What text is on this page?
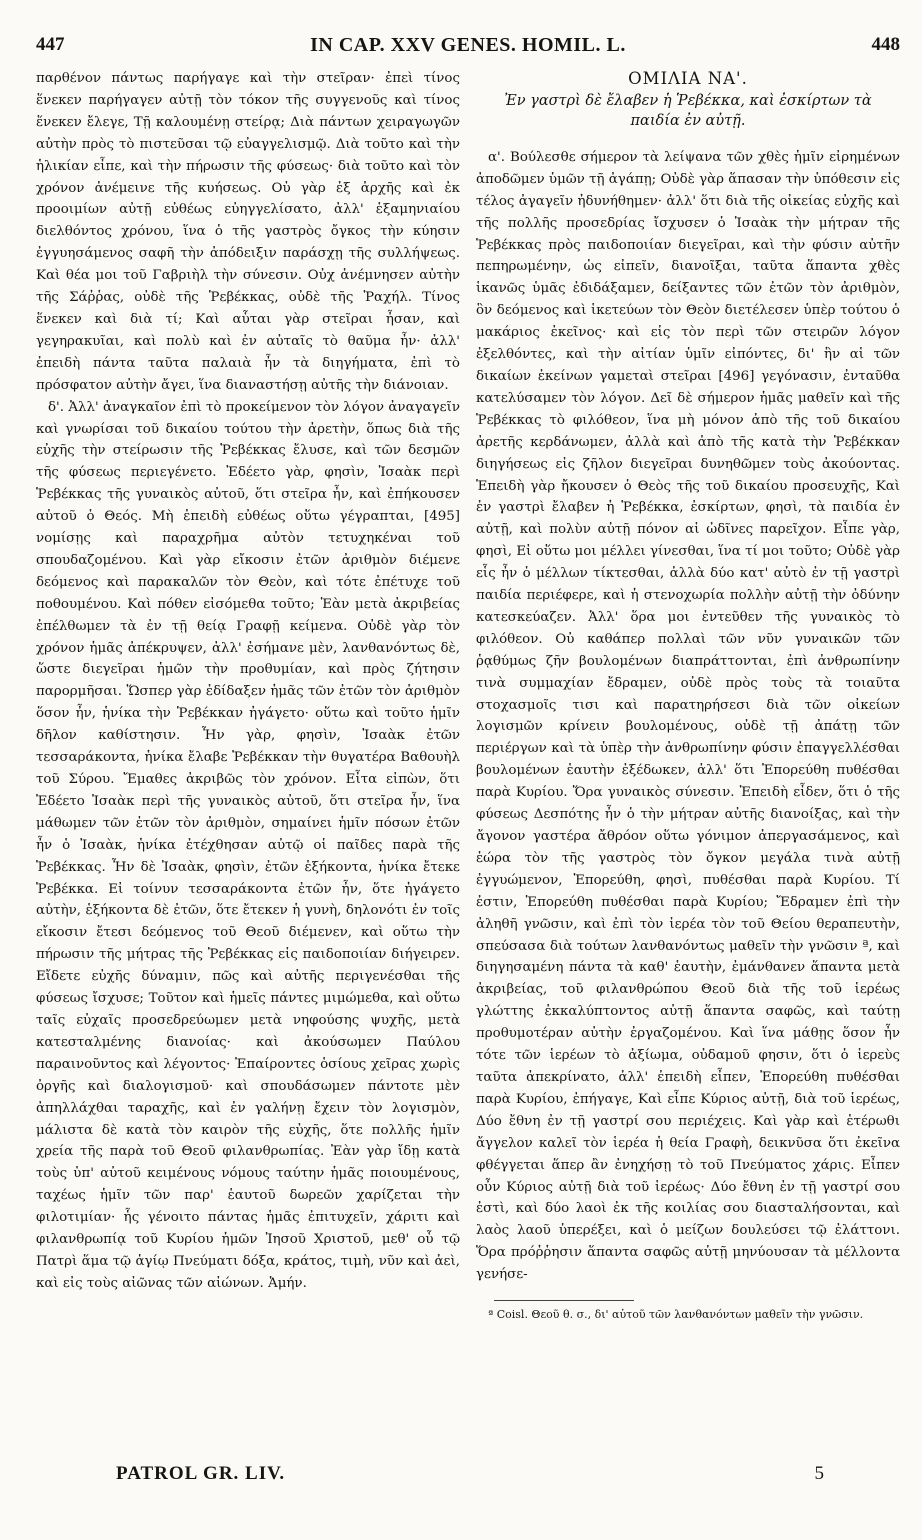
447	IN CAP. XXV GENES. HOMIL. L.	448

παρθένον πάντως παρήγαγε καὶ τὴν στεῖραν· ἐπεὶ τίνος ἕνεκεν παρήγαγεν αὐτῇ τὸν τόκον τῆς συγγενοῦς καὶ τίνος ἕνεκεν ἔλεγε, Τῇ καλουμένῃ στείρᾳ; Διὰ πάντων χειραγωγῶν αὐτὴν πρὸς τὸ πιστεῦσαι τῷ εὐαγγελισμῷ. Διὰ τοῦτο καὶ τὴν ἡλικίαν εἶπε, καὶ τὴν πήρωσιν τῆς φύσεως· διὰ τοῦτο καὶ τὸν χρόνον ἀνέμεινε τῆς κυήσεως. Οὐ γὰρ ἐξ ἀρχῆς καὶ ἐκ προοιμίων αὐτῇ εὐθέως εὐηγγελίσατο, ἀλλ' ἑξαμηνιαίου διελθόντος χρόνου, ἵνα ὁ τῆς γαστρὸς ὄγκος τὴν κύησιν ἐγγυησάμενος σαφῆ τὴν ἀπόδειξιν παράσχῃ τῆς συλλήψεως. Καὶ θέα μοι τοῦ Γαβριὴλ τὴν σύνεσιν. Οὐχ ἀνέμνησεν αὐτὴν τῆς Σάῤῥας, οὐδὲ τῆς Ῥεβέκκας, οὐδὲ τῆς Ῥαχήλ. Τίνος ἕνεκεν καὶ διὰ τί; Καὶ αὗται γὰρ στεῖραι ἦσαν, καὶ γεγηρακυῖαι, καὶ πολὺ καὶ ἐν αὐταῖς τὸ θαῦμα ἦν· ἀλλ' ἐπειδὴ πάντα ταῦτα παλαιὰ ἦν τὰ διηγήματα, ἐπὶ τὸ πρόσφατον αὐτὴν ἄγει, ἵνα διαναστήσῃ αὐτῆς τὴν διάνοιαν.

δ'. Ἀλλ' ἀναγκαῖον ἐπὶ τὸ προκείμενον τὸν λόγον ἀναγαγεῖν καὶ γνωρίσαι τοῦ δικαίου τούτου τὴν ἀρετὴν, ὅπως διὰ τῆς εὐχῆς τὴν στείρωσιν τῆς Ῥεβέκκας ἔλυσε, καὶ τῶν δεσμῶν τῆς φύσεως περιεγένετο. Ἐδέετο γὰρ, φησὶν, Ἰσαὰκ περὶ Ῥεβέκκας τῆς γυναικὸς αὐτοῦ, ὅτι στεῖρα ἦν, καὶ ἐπήκουσεν αὐτοῦ ὁ Θεός. Μὴ ἐπειδὴ εὐθέως οὕτω γέγραπται, [495] νομίσῃς καὶ παραχρῆμα αὐτὸν τετυχηκέναι τοῦ σπουδαζομένου. Καὶ γὰρ εἴκοσιν ἐτῶν ἀριθμὸν διέμενε δεόμενος καὶ παρακαλῶν τὸν Θεὸν, καὶ τότε ἐπέτυχε τοῦ ποθουμένου. Καὶ πόθεν εἰσόμεθα τοῦτο; Ἐὰν μετὰ ἀκριβείας ἐπέλθωμεν τὰ ἐν τῇ θείᾳ Γραφῇ κείμενα. Οὐδὲ γὰρ τὸν χρόνον ἡμᾶς ἀπέκρυψεν, ἀλλ' ἐσήμανε μὲν, λανθανόντως δὲ, ὥστε διεγεῖραι ἡμῶν τὴν προθυμίαν, καὶ πρὸς ζήτησιν παρορμῆσαι. Ὥσπερ γὰρ ἐδίδαξεν ἡμᾶς τῶν ἐτῶν τὸν ἀριθμὸν ὅσον ἦν, ἡνίκα τὴν Ῥεβέκκαν ἠγάγετο· οὕτω καὶ τοῦτο ἡμῖν δῆλον καθίστησιν. Ἦν γὰρ, φησὶν, Ἰσαὰκ ἐτῶν τεσσαράκοντα, ἡνίκα ἔλαβε Ῥεβέκκαν τὴν θυγατέρα Βαθουὴλ τοῦ Σύρου. Ἔμαθες ἀκριβῶς τὸν χρόνον. Εἶτα εἰπὼν, ὅτι Ἐδέετο Ἰσαὰκ περὶ τῆς γυναικὸς αὐτοῦ, ὅτι στεῖρα ἦν, ἵνα μάθωμεν τῶν ἐτῶν τὸν ἀριθμὸν, σημαίνει ἡμῖν πόσων ἐτῶν ἦν ὁ Ἰσαὰκ, ἡνίκα ἐτέχθησαν αὐτῷ οἱ παῖδες παρὰ τῆς Ῥεβέκκας. Ἦν δὲ Ἰσαὰκ, φησὶν, ἐτῶν ἑξήκοντα, ἡνίκα ἔτεκε Ῥεβέκκα. Εἰ τοίνυν τεσσαράκοντα ἐτῶν ἦν, ὅτε ἠγάγετο αὐτὴν, ἑξήκοντα δὲ ἐτῶν, ὅτε ἔτεκεν ἡ γυνὴ, δηλονότι ἐν τοῖς εἴκοσιν ἔτεσι δεόμενος τοῦ Θεοῦ διέμενεν, καὶ οὕτω τὴν πήρωσιν τῆς μήτρας τῆς Ῥεβέκκας εἰς παιδοποιίαν διήγειρεν. Εἴδετε εὐχῆς δύναμιν, πῶς καὶ αὐτῆς περιγενέσθαι τῆς φύσεως ἴσχυσε; Τοῦτον καὶ ἡμεῖς πάντες μιμώμεθα, καὶ οὕτω ταῖς εὐχαῖς προσεδρεύωμεν μετὰ νηφούσης ψυχῆς, μετὰ κατεσταλμένης διανοίας· καὶ ἀκούσωμεν Παύλου παραινοῦντος καὶ λέγοντος· Ἐπαίροντες ὁσίους χεῖρας χωρὶς ὀργῆς καὶ διαλογισμοῦ· καὶ σπουδάσωμεν πάντοτε μὲν ἀπηλλάχθαι ταραχῆς, καὶ ἐν γαλήνῃ ἔχειν τὸν λογισμὸν, μάλιστα δὲ κατὰ τὸν καιρὸν τῆς εὐχῆς, ὅτε πολλῆς ἡμῖν χρεία τῆς παρὰ τοῦ Θεοῦ φιλανθρωπίας. Ἐὰν γὰρ ἴδῃ κατὰ τοὺς ὑπ' αὐτοῦ κειμένους νόμους ταύτην ἡμᾶς ποιουμένους, ταχέως ἡμῖν τῶν παρ' ἑαυτοῦ δωρεῶν χαρίζεται τὴν φιλοτιμίαν· ἧς γένοιτο πάντας ἡμᾶς ἐπιτυχεῖν, χάριτι καὶ φιλανθρωπίᾳ τοῦ Κυρίου ἡμῶν Ἰησοῦ Χριστοῦ, μεθ' οὗ τῷ Πατρὶ ἅμα τῷ ἁγίῳ Πνεύματι δόξα, κράτος, τιμὴ, νῦν καὶ ἀεὶ, καὶ εἰς τοὺς αἰῶνας τῶν αἰώνων. Ἀμήν.

ΟΜΙΛΙΑ ΝΑ'.
Ἐν γαστρὶ δὲ ἔλαβεν ἡ Ῥεβέκκα, καὶ ἐσκίρτων τὰ παιδία ἐν αὐτῇ.

α'. Βούλεσθε σήμερον τὰ λείψανα τῶν χθὲς ἡμῖν εἰρημένων ἀποδῶμεν ὑμῶν τῇ ἀγάπῃ; Οὐδὲ γὰρ ἅπασαν τὴν ὑπόθεσιν εἰς τέλος ἀγαγεῖν ἠδυνήθημεν· ἀλλ' ὅτι διὰ τῆς οἰκείας εὐχῆς καὶ τῆς πολλῆς προσεδρίας ἴσχυσεν ὁ Ἰσαὰκ τὴν μήτραν τῆς Ῥεβέκκας πρὸς παιδοποιίαν διεγεῖραι, καὶ τὴν φύσιν αὐτῆν πεπηρωμένην, ὡς εἰπεῖν, διανοῖξαι, ταῦτα ἅπαντα χθὲς ἱκανῶς ὑμᾶς ἐδιδάξαμεν, δείξαντες τῶν ἐτῶν τὸν ἀριθμὸν, ὃν δεόμενος καὶ ἱκετεύων τὸν Θεὸν διετέλεσεν ὑπὲρ τούτου ὁ μακάριος ἐκεῖνος· καὶ εἰς τὸν περὶ τῶν στειρῶν λόγον ἐξελθόντες, καὶ τὴν αἰτίαν ὑμῖν εἰπόντες, δι' ἣν αἱ τῶν δικαίων ἐκείνων γαμεταὶ στεῖραι [496] γεγόνασιν, ἐνταῦθα κατελύσαμεν τὸν λόγον. Δεῖ δὲ σήμερον ἡμᾶς μαθεῖν καὶ τῆς Ῥεβέκκας τὸ φιλόθεον, ἵνα μὴ μόνον ἀπὸ τῆς τοῦ δικαίου ἀρετῆς κερδάνωμεν, ἀλλὰ καὶ ἀπὸ τῆς κατὰ τὴν Ῥεβέκκαν διηγήσεως εἰς ζῆλον διεγεῖραι δυνηθῶμεν τοὺς ἀκούοντας. Ἐπειδὴ γὰρ ἤκουσεν ὁ Θεὸς τῆς τοῦ δικαίου προσευχῆς, Καὶ ἐν γαστρὶ ἔλαβεν ἡ Ῥεβέκκα, ἐσκίρτων, φησὶ, τὰ παιδία ἐν αὐτῇ, καὶ πολὺν αὐτῇ πόνον αἱ ὠδῖνες παρεῖχον. Εἶπε γὰρ, φησὶ, Εἰ οὕτω μοι μέλλει γίνεσθαι, ἵνα τί μοι τοῦτο; Οὐδὲ γὰρ εἷς ἦν ὁ μέλλων τίκτεσθαι, ἀλλὰ δύο κατ' αὐτὸ ἐν τῇ γαστρὶ παιδία περιέφερε, καὶ ἡ στενοχωρία πολλὴν αὐτῇ τὴν ὀδύνην κατεσκεύαζεν. Ἀλλ' ὅρα μοι ἐντεῦθεν τῆς γυναικὸς τὸ φιλόθεον. Οὐ καθάπερ πολλαὶ τῶν νῦν γυναικῶν τῶν ῥᾳθύμως ζῆν βουλομένων διαπράττονται, ἐπὶ ἀνθρωπίνην τινὰ συμμαχίαν ἔδραμεν, οὐδὲ πρὸς τοὺς τὰ τοιαῦτα στοχασμοῖς τισι καὶ παρατηρήσεσι διὰ τῶν οἰκείων λογισμῶν κρίνειν βουλομένους, οὐδὲ τῇ ἀπάτῃ τῶν περιέργων καὶ τὰ ὑπὲρ τὴν ἀνθρωπίνην φύσιν ἐπαγγελλέσθαι βουλομένων ἑαυτὴν ἐξέδωκεν, ἀλλ' ὅτι Ἐπορεύθη πυθέσθαι παρὰ Κυρίου. Ὅρα γυναικὸς σύνεσιν. Ἐπειδὴ εἶδεν, ὅτι ὁ τῆς φύσεως Δεσπότης ἦν ὁ τὴν μήτραν αὐτῆς διανοίξας, καὶ τὴν ἄγονον γαστέρα ἄθρόον οὕτω γόνιμον ἀπεργασάμενος, καὶ ἑώρα τὸν τῆς γαστρὸς τὸν ὄγκον μεγάλα τινὰ αὐτῇ ἐγγυώμενον, Ἐπορεύθη, φησὶ, πυθέσθαι παρὰ Κυρίου. Τί ἐστιν, Ἐπορεύθη πυθέσθαι παρὰ Κυρίου; Ἔδραμεν ἐπὶ τὴν ἀληθῆ γνῶσιν, καὶ ἐπὶ τὸν ἱερέα τὸν τοῦ Θείου θεραπευτὴν, σπεύσασα διὰ τούτων λανθανόντως μαθεῖν τὴν γνῶσιν ª, καὶ διηγησαμένη πάντα τὰ καθ' ἑαυτὴν, ἐμάνθανεν ἅπαντα μετὰ ἀκριβείας, τοῦ φιλανθρώπου Θεοῦ διὰ τῆς τοῦ ἱερέως γλώττης ἐκκαλύπτοντος αὐτῇ ἅπαντα σαφῶς, καὶ ταύτῃ προθυμοτέραν αὐτὴν ἐργαζομένου. Καὶ ἵνα μάθῃς ὅσον ἦν τότε τῶν ἱερέων τὸ ἀξίωμα, οὐδαμοῦ φησιν, ὅτι ὁ ἱερεὺς ταῦτα ἀπεκρίνατο, ἀλλ' ἐπειδὴ εἶπεν, Ἐπορεύθη πυθέσθαι παρὰ Κυρίου, ἐπήγαγε, Καὶ εἶπε Κύριος αὐτῇ, διὰ τοῦ ἱερέως, Δύο ἔθνη ἐν τῇ γαστρί σου περιέχεις. Καὶ γὰρ καὶ ἑτέρωθι ἄγγελον καλεῖ τὸν ἱερέα ἡ θεία Γραφὴ, δεικνῦσα ὅτι ἐκεῖνα φθέγγεται ἅπερ ἂν ἐνηχήσῃ τὸ τοῦ Πνεύματος χάρις. Εἶπεν οὖν Κύριος αὐτῇ διὰ τοῦ ἱερέως· Δύο ἔθνη ἐν τῇ γαστρί σου ἐστὶ, καὶ δύο λαοὶ ἐκ τῆς κοιλίας σου διασταλήσονται, καὶ λαὸς λαοῦ ὑπερέξει, καὶ ὁ μείζων δουλεύσει τῷ ἐλάττονι. Ὅρα πρόῤῥησιν ἅπαντα σαφῶς αὐτῇ μηνύουσαν τὰ μέλλοντα γενήσε-

ª Coisl. Θεοῦ θ. σ., δι' αὐτοῦ τῶν λανθανόντων μαθεῖν τὴν γνῶσιν.

PATROL GR. LIV.	5
